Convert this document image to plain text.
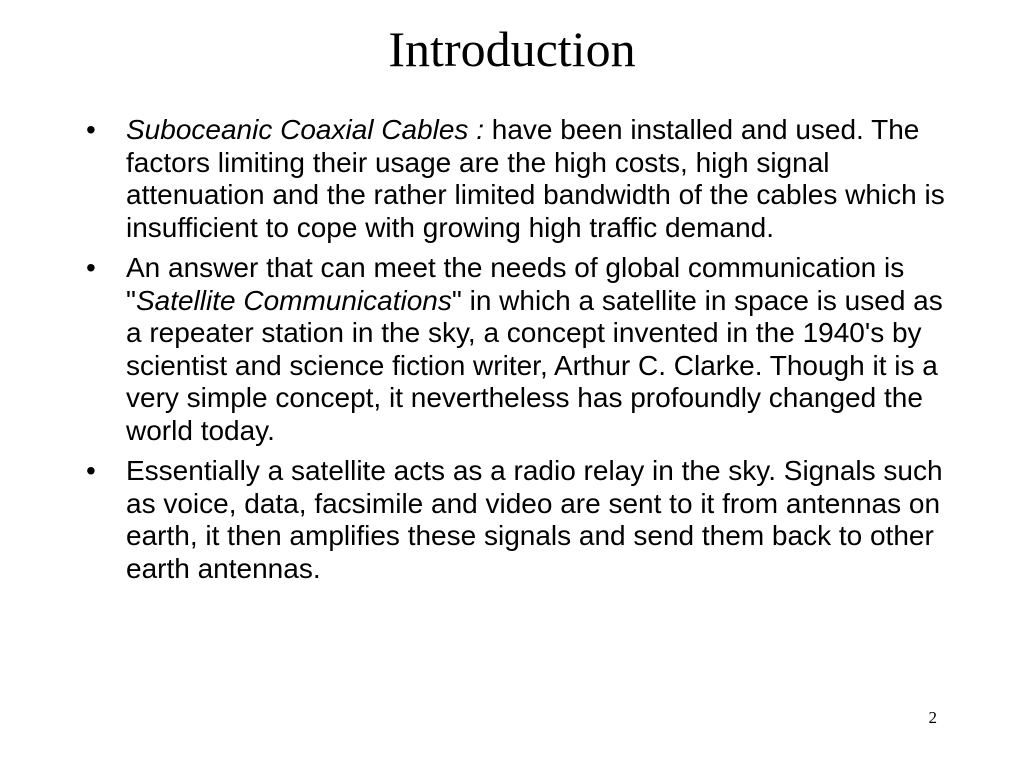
Introduction
•	Suboceanic Coaxial Cables : have been installed and used. The factors limiting their usage are the high costs, high signal attenuation and the rather limited bandwidth of the cables which is insufficient to cope with growing high traffic demand.
•	An answer that can meet the needs of global communication is "Satellite Communications" in which a satellite in space is used as a repeater station in the sky, a concept invented in the 1940's by scientist and science fiction writer, Arthur C. Clarke. Though it is a very simple concept, it nevertheless has profoundly changed the world today.
•	Essentially a satellite acts as a radio relay in the sky. Signals such as voice, data, facsimile and video are sent to it from antennas on earth, it then amplifies these signals and send them back to other earth antennas.
2
